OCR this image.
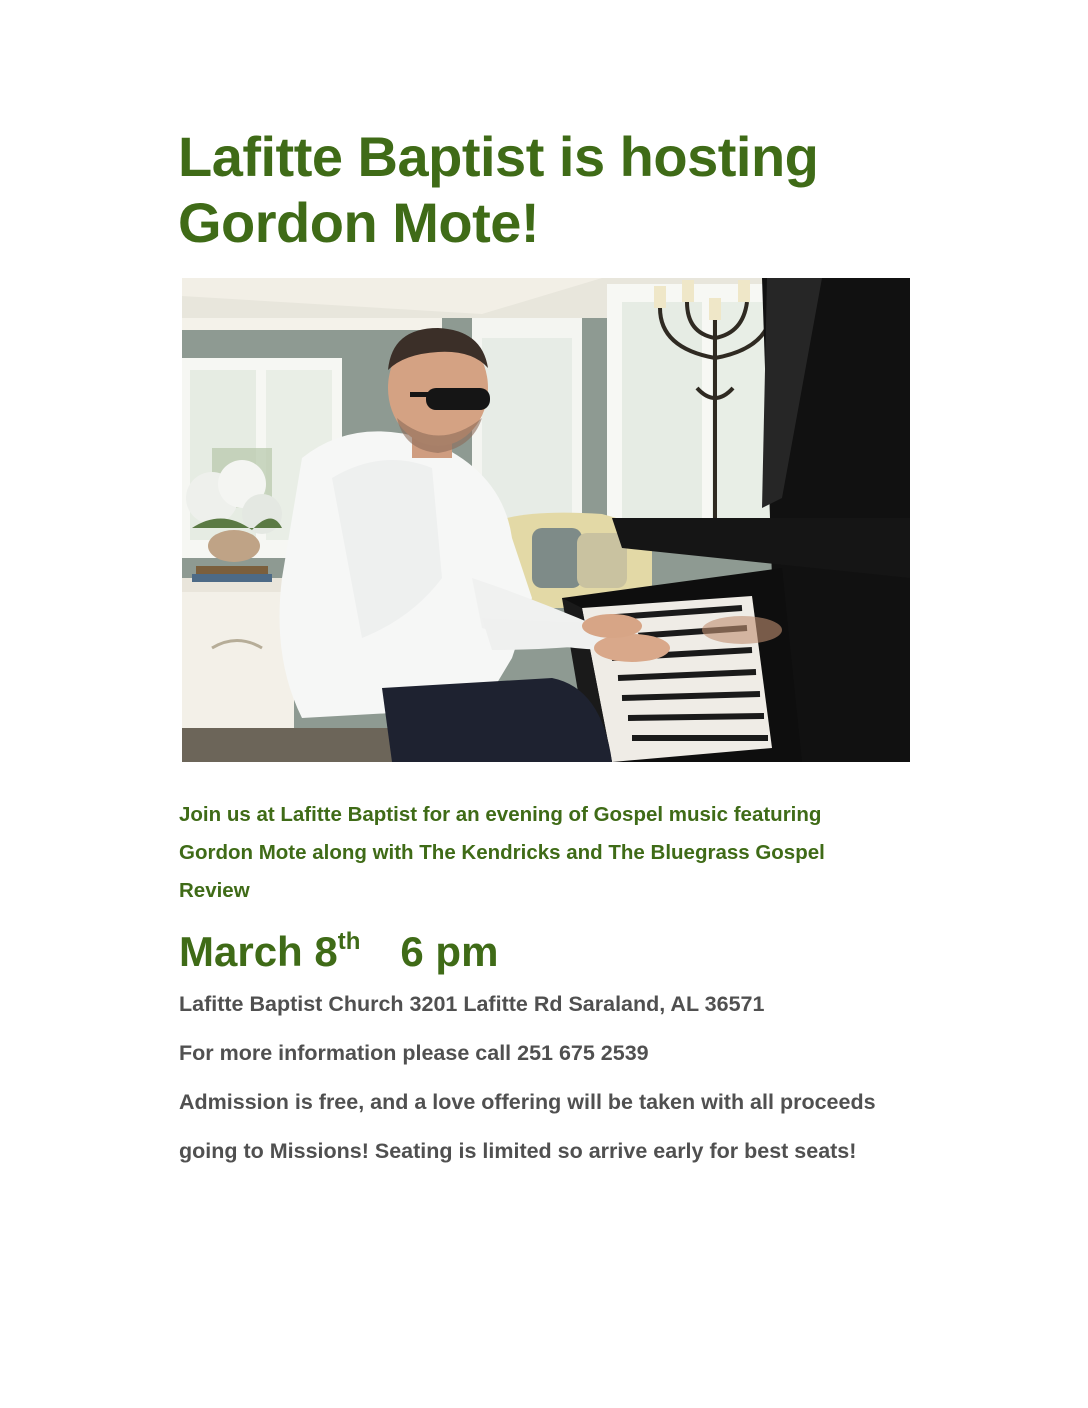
Lafitte Baptist is hosting Gordon Mote!

Join us at Lafitte Baptist for an evening of Gospel music featuring Gordon Mote along with The Kendricks and The Bluegrass Gospel Review

March 8th 6 pm

Lafitte Baptist Church 3201 Lafitte Rd Saraland, AL 36571

For more information please call 251 675 2539

Admission is free, and a love offering will be taken with all proceeds going to Missions! Seating is limited so arrive early for best seats!
